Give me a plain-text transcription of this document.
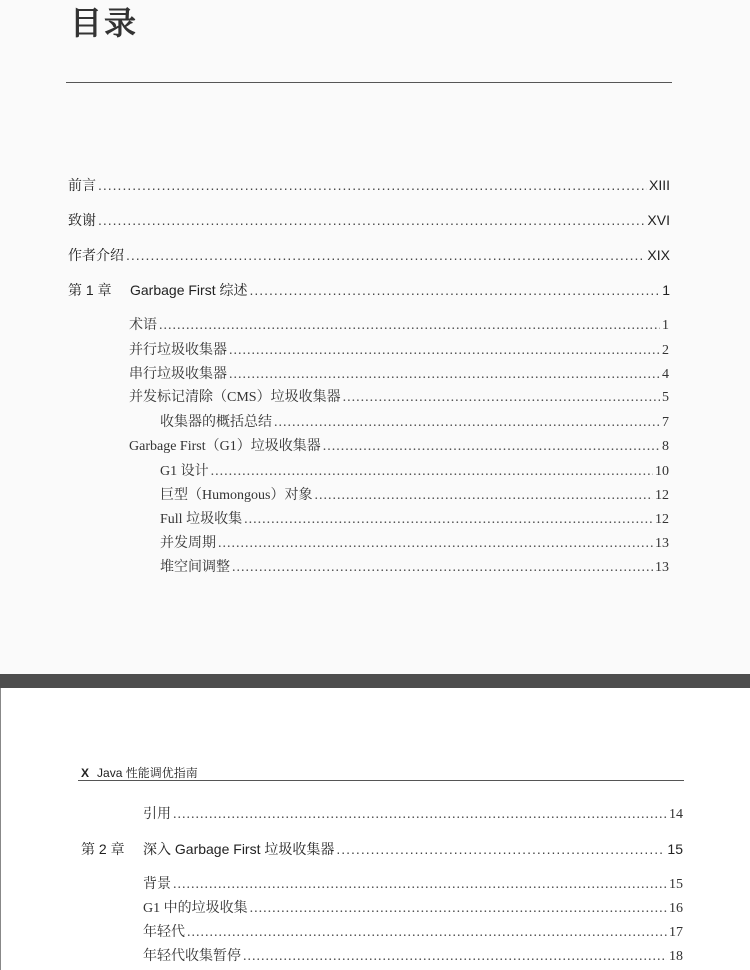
目录
前言 .....	XIII
致谢 .....	XVI
作者介绍 .....	XIX
第 1 章 Garbage First 综述 .....	1
术语 .....	1
并行垃圾收集器 .....	2
串行垃圾收集器 .....	4
并发标记清除（CMS）垃圾收集器 .....	5
收集器的概括总结 .....	7
Garbage First（G1）垃圾收集器 .....	8
G1 设计 .....	10
巨型（Humongous）对象 .....	12
Full 垃圾收集 .....	12
并发周期 .....	13
堆空间调整 .....	13
X Java 性能调优指南
引用 .....	14
第 2 章 深入 Garbage First 垃圾收集器 .....	15
背景 .....	15
G1 中的垃圾收集 .....	16
年轻代 .....	17
年轻代收集暂停 .....	18
